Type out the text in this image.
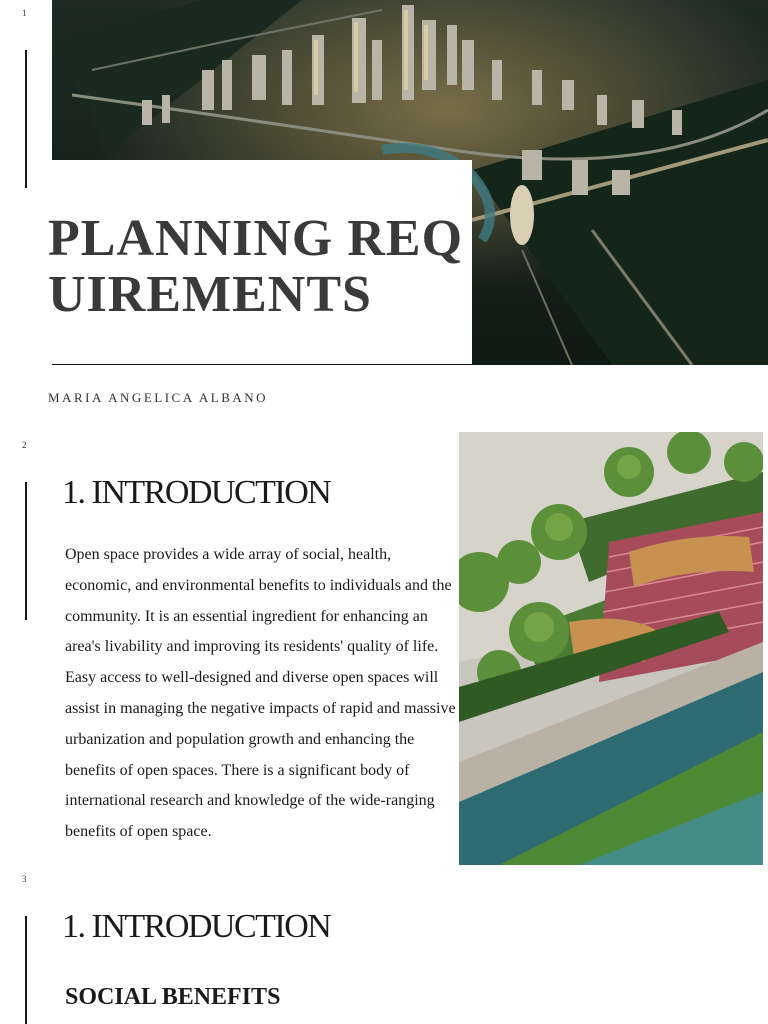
1
PLANNING REQUIREMENTS
MARIA ANGELICA ALBANO
2
1. INTRODUCTION

Open space provides a wide array of social, health, economic, and environmental benefits to individuals and the community. It is an essential ingredient for enhancing an area's livability and improving its residents' quality of life. Easy access to well-designed and diverse open spaces will assist in managing the negative impacts of rapid and massive urbanization and population growth and enhancing the benefits of open spaces. There is a significant body of international research and knowledge of the wide-ranging benefits of open space.

3
1. INTRODUCTION
SOCIAL BENEFITS
